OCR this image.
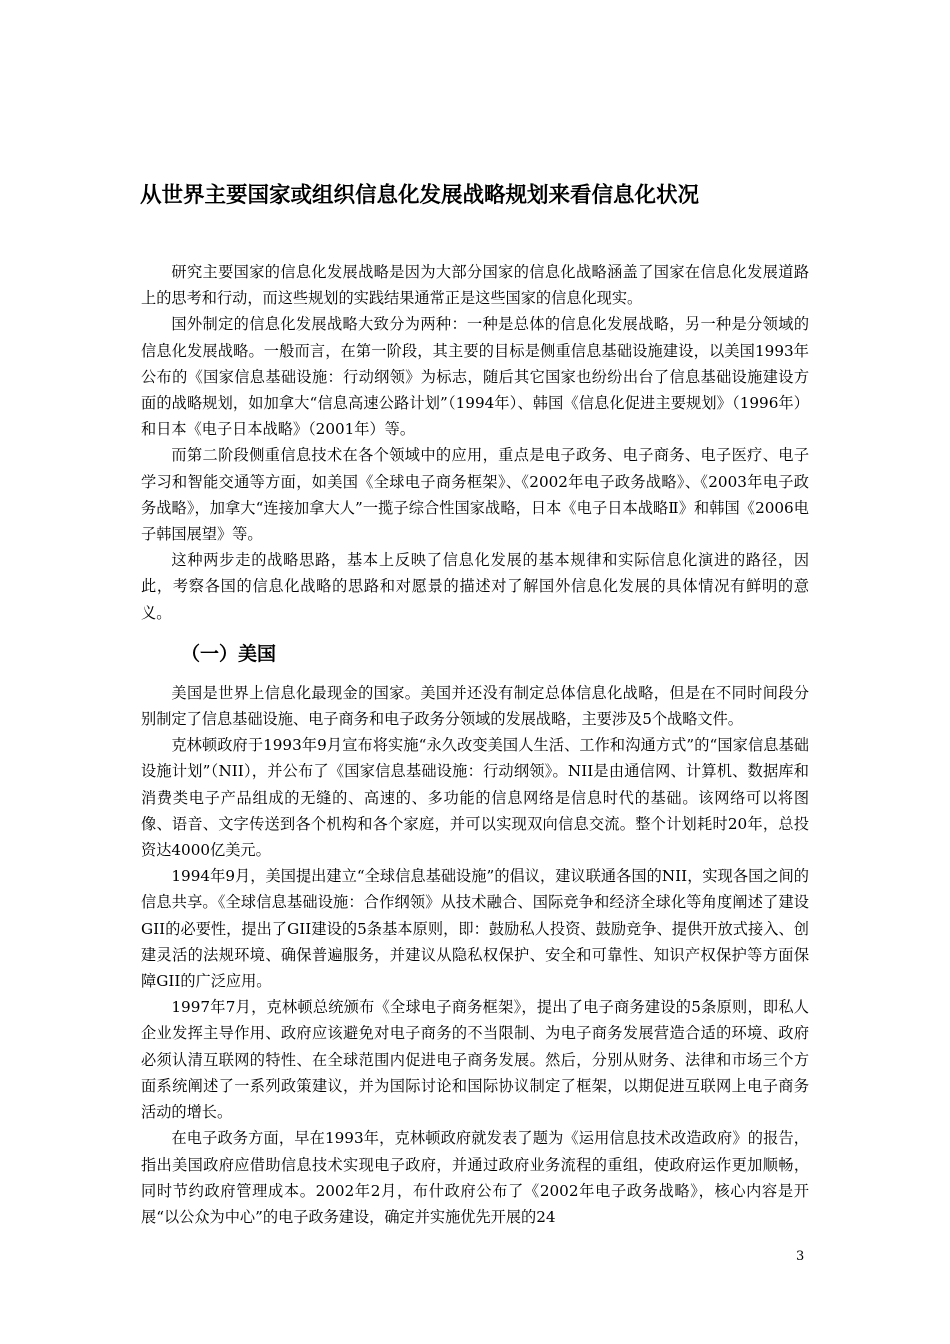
从世界主要国家或组织信息化发展战略规划来看信息化状况

研究主要国家的信息化发展战略是因为大部分国家的信息化战略涵盖了国家在信息化发展道路上的思考和行动，而这些规划的实践结果通常正是这些国家的信息化现实。

国外制定的信息化发展战略大致分为两种：一种是总体的信息化发展战略，另一种是分领域的信息化发展战略。一般而言，在第一阶段，其主要的目标是侧重信息基础设施建设，以美国1993年公布的《国家信息基础设施：行动纲领》为标志，随后其它国家也纷纷出台了信息基础设施建设方面的战略规划，如加拿大“信息高速公路计划”（1994年）、韩国《信息化促进主要规划》（1996年）和日本《电子日本战略》（2001年）等。

而第二阶段侧重信息技术在各个领域中的应用，重点是电子政务、电子商务、电子医疗、电子学习和智能交通等方面，如美国《全球电子商务框架》、《2002年电子政务战略》、《2003年电子政务战略》，加拿大“连接加拿大人”一揽子综合性国家战略，日本《电子日本战略Ⅱ》和韩国《2006电子韩国展望》等。

这种两步走的战略思路，基本上反映了信息化发展的基本规律和实际信息化演进的路径，因此，考察各国的信息化战略的思路和对愿景的描述对了解国外信息化发展的具体情况有鲜明的意义。

（一）美国

美国是世界上信息化最现金的国家。美国并还没有制定总体信息化战略，但是在不同时间段分别制定了信息基础设施、电子商务和电子政务分领域的发展战略，主要涉及5个战略文件。

克林顿政府于1993年9月宣布将实施“永久改变美国人生活、工作和沟通方式”的“国家信息基础设施计划”（NII），并公布了《国家信息基础设施：行动纲领》。NII是由通信网、计算机、数据库和消费类电子产品组成的无缝的、高速的、多功能的信息网络是信息时代的基础。该网络可以将图像、语音、文字传送到各个机构和各个家庭，并可以实现双向信息交流。整个计划耗时20年，总投资达4000亿美元。

1994年9月，美国提出建立“全球信息基础设施”的倡议，建议联通各国的NII，实现各国之间的信息共享。《全球信息基础设施：合作纲领》从技术融合、国际竞争和经济全球化等角度阐述了建设GII的必要性，提出了GII建设的5条基本原则，即：鼓励私人投资、鼓励竞争、提供开放式接入、创建灵活的法规环境、确保普遍服务，并建议从隐私权保护、安全和可靠性、知识产权保护等方面保障GII的广泛应用。

1997年7月，克林顿总统颁布《全球电子商务框架》，提出了电子商务建设的5条原则，即私人企业发挥主导作用、政府应该避免对电子商务的不当限制、为电子商务发展营造合适的环境、政府必须认清互联网的特性、在全球范围内促进电子商务发展。然后，分别从财务、法律和市场三个方面系统阐述了一系列政策建议，并为国际讨论和国际协议制定了框架，以期促进互联网上电子商务活动的增长。

在电子政务方面，早在1993年，克林顿政府就发表了题为《运用信息技术改造政府》的报告，指出美国政府应借助信息技术实现电子政府，并通过政府业务流程的重组，使政府运作更加顺畅，同时节约政府管理成本。2002年2月，布什政府公布了《2002年电子政务战略》，核心内容是开展“以公众为中心”的电子政务建设，确定并实施优先开展的24

3
